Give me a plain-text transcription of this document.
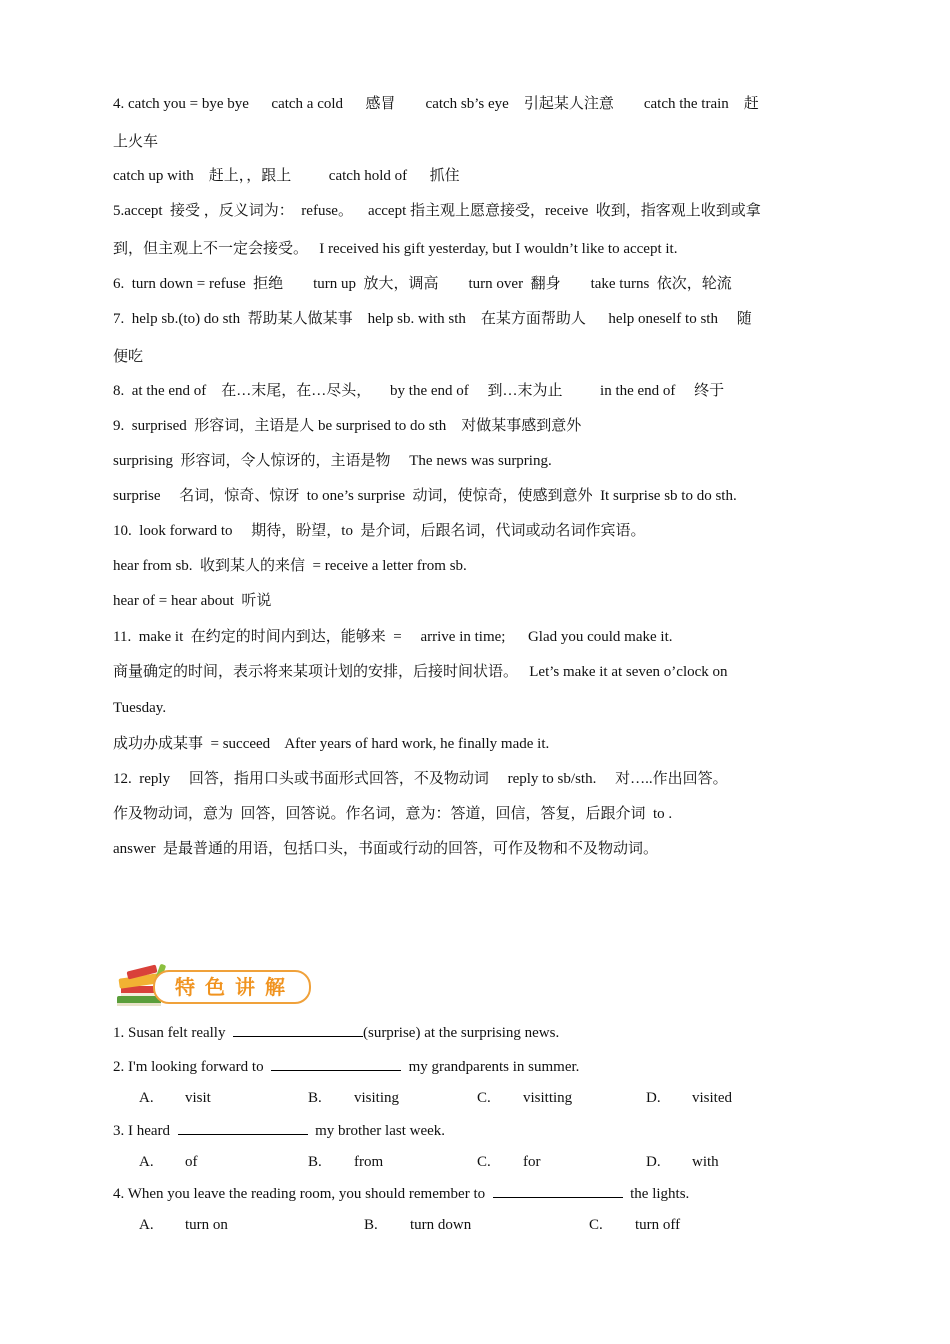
4. catch you = bye bye      catch a cold      感冒        catch sb’s eye    引起某人注意        catch the train    赶
上火车
catch up with    赶上，，跟上          catch hold of      抓住
5.accept  接受 ，反义词为：  refuse。    accept 指主观上愿意接受，receive  收到，指客观上收到或拿
到，但主观上不一定会接受。   I received his gift yesterday, but I wouldn’t like to accept it.
6.  turn down = refuse  拒绝        turn up  放大，调高        turn over  翻身        take turns  依次，轮流
7.  help sb.(to) do sth  帮助某人做某事    help sb. with sth    在某方面帮助人      help oneself to sth     随
便吃
8.  at the end of    在…末尾，在…尽头，     by the end of     到…末为止          in the end of     终于
9.  surprised  形容词，主语是人 be surprised to do sth    对做某事感到意外
surprising  形容词，令人惊讶的，主语是物     The news was surpring.
surprise     名词，惊奇、惊讶  to one’s surprise  动词，使惊奇，使感到意外  It surprise sb to do sth.
10.  look forward to     期待，盼望，to  是介词，后跟名词，代词或动名词作宾语。
hear from sb.  收到某人的来信  = receive a letter from sb.
hear of = hear about  听说
11.  make it  在约定的时间内到达，能够来  =     arrive in time;      Glad you could make it.
商量确定的时间，表示将来某项计划的安排，后接时间状语。   Let’s make it at seven o’clock on
Tuesday.
成功办成某事  = succeed    After years of hard work, he finally made it.
12.  reply     回答，指用口头或书面形式回答，不及物动词     reply to sb/sth.     对…..作出回答。
作及物动词，意为  回答，回答说。作名词，意为：答道，回信，答复，后跟介词  to .
answer  是最普通的用语，包括口头，书面或行动的回答，可作及物和不及物动词。
特色讲解
1. Susan felt really	(surprise) at the surprising news.
2. I'm looking forward to	my grandparents in summer.
A. visit	B. visiting	C. visitting	D. visited
3. I heard	my brother last week.
A. of	B. from	C. for	D. with
4. When you leave the reading room, you should remember to	the lights.
A. turn on	B. turn down	C. turn off
